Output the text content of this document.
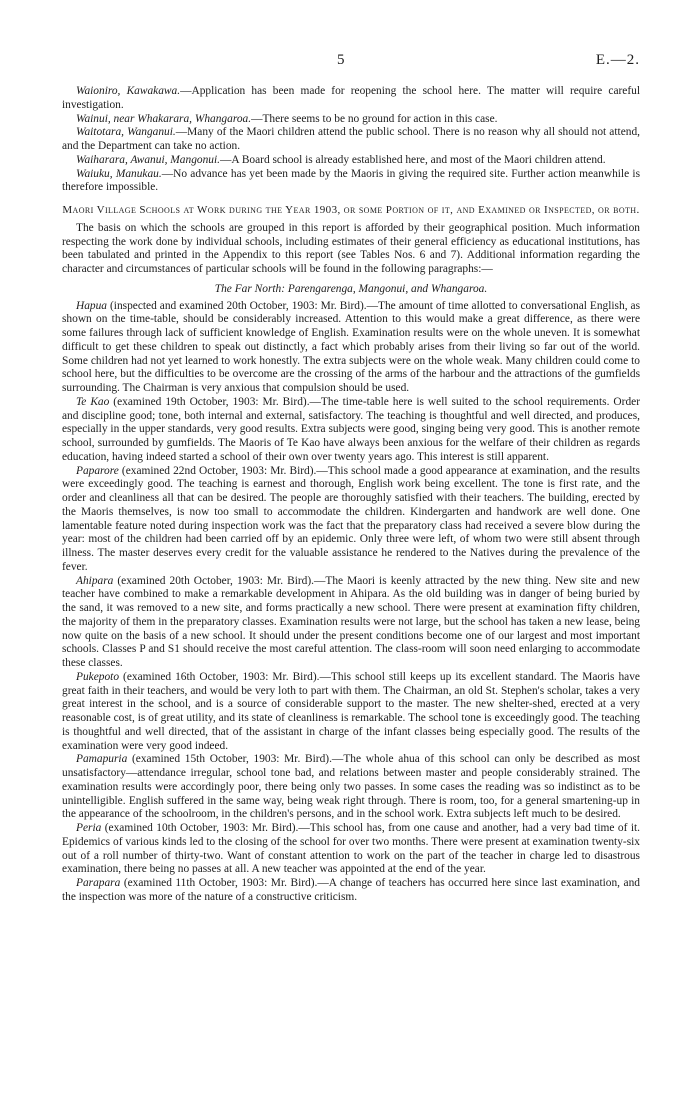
5	E.—2.

Waioniro, Kawakawa.—Application has been made for reopening the school here. The matter will require careful investigation.

Wainui, near Whakarara, Whangaroa.—There seems to be no ground for action in this case.

Waitotara, Wanganui.—Many of the Maori children attend the public school. There is no reason why all should not attend, and the Department can take no action.

Waiharara, Awanui, Mangonui.—A Board school is already established here, and most of the Maori children attend.

Waiuku, Manukau.—No advance has yet been made by the Maoris in giving the required site. Further action meanwhile is therefore impossible.

Maori Village Schools at Work during the Year 1903, or some Portion of it, and Examined or Inspected, or both.

The basis on which the schools are grouped in this report is afforded by their geographical position. Much information respecting the work done by individual schools, including estimates of their general efficiency as educational institutions, has been tabulated and printed in the Appendix to this report (see Tables Nos. 6 and 7). Additional information regarding the character and circumstances of particular schools will be found in the following paragraphs:—

The Far North: Parengarenga, Mangonui, and Whangaroa.

Hapua (inspected and examined 20th October, 1903: Mr. Bird).—The amount of time allotted to conversational English, as shown on the time-table, should be considerably increased. Attention to this would make a great difference, as there were some failures through lack of sufficient knowledge of English. Examination results were on the whole uneven. It is somewhat difficult to get these children to speak out distinctly, a fact which probably arises from their living so far out of the world. Some children had not yet learned to work honestly. The extra subjects were on the whole weak. Many children could come to school here, but the difficulties to be overcome are the crossing of the arms of the harbour and the attractions of the gumfields surrounding. The Chairman is very anxious that compulsion should be used.

Te Kao (examined 19th October, 1903: Mr. Bird).—The time-table here is well suited to the school requirements. Order and discipline good; tone, both internal and external, satisfactory. The teaching is thoughtful and well directed, and produces, especially in the upper standards, very good results. Extra subjects were good, singing being very good. This is another remote school, surrounded by gumfields. The Maoris of Te Kao have always been anxious for the welfare of their children as regards education, having indeed started a school of their own over twenty years ago. This interest is still apparent.

Paparore (examined 22nd October, 1903: Mr. Bird).—This school made a good appearance at examination, and the results were exceedingly good. The teaching is earnest and thorough, English work being excellent. The tone is first rate, and the order and cleanliness all that can be desired. The people are thoroughly satisfied with their teachers. The building, erected by the Maoris themselves, is now too small to accommodate the children. Kindergarten and handwork are well done. One lamentable feature noted during inspection work was the fact that the preparatory class had received a severe blow during the year: most of the children had been carried off by an epidemic. Only three were left, of whom two were still absent through illness. The master deserves every credit for the valuable assistance he rendered to the Natives during the prevalence of the fever.

Ahipara (examined 20th October, 1903: Mr. Bird).—The Maori is keenly attracted by the new thing. New site and new teacher have combined to make a remarkable development in Ahipara. As the old building was in danger of being buried by the sand, it was removed to a new site, and forms practically a new school. There were present at examination fifty children, the majority of them in the preparatory classes. Examination results were not large, but the school has taken a new lease, being now quite on the basis of a new school. It should under the present conditions become one of our largest and most important schools. Classes P and S1 should receive the most careful attention. The class-room will soon need enlarging to accommodate these classes.

Pukepoto (examined 16th October, 1903: Mr. Bird).—This school still keeps up its excellent standard. The Maoris have great faith in their teachers, and would be very loth to part with them. The Chairman, an old St. Stephen's scholar, takes a very great interest in the school, and is a source of considerable support to the master. The new shelter-shed, erected at a very reasonable cost, is of great utility, and its state of cleanliness is remarkable. The school tone is exceedingly good. The teaching is thoughtful and well directed, that of the assistant in charge of the infant classes being especially good. The results of the examination were very good indeed.

Pamapuria (examined 15th October, 1903: Mr. Bird).—The whole ahua of this school can only be described as most unsatisfactory—attendance irregular, school tone bad, and relations between master and people considerably strained. The examination results were accordingly poor, there being only two passes. In some cases the reading was so indistinct as to be unintelligible. English suffered in the same way, being weak right through. There is room, too, for a general smartening-up in the appearance of the schoolroom, in the children's persons, and in the school work. Extra subjects left much to be desired.

Peria (examined 10th October, 1903: Mr. Bird).—This school has, from one cause and another, had a very bad time of it. Epidemics of various kinds led to the closing of the school for over two months. There were present at examination twenty-six out of a roll number of thirty-two. Want of constant attention to work on the part of the teacher in charge led to disastrous examination, there being no passes at all. A new teacher was appointed at the end of the year.

Parapara (examined 11th October, 1903: Mr. Bird).—A change of teachers has occurred here since last examination, and the inspection was more of the nature of a constructive criticism.
